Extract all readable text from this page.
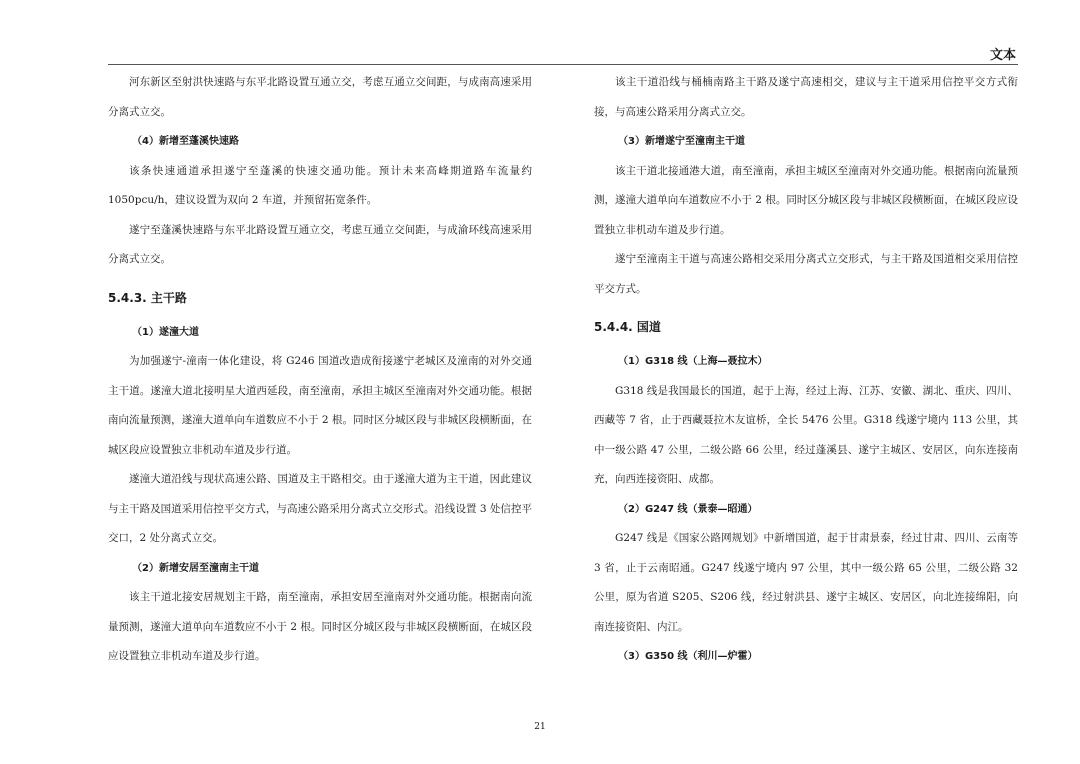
文本

河东新区至射洪快速路与东平北路设置互通立交，考虑互通立交间距，与成南高速采用分离式立交。

（4）新增至蓬溪快速路

该条快速通道承担遂宁至蓬溪的快速交通功能。预计未来高峰期道路车流量约1050pcu/h，建议设置为双向 2 车道，并预留拓宽条件。

遂宁至蓬溪快速路与东平北路设置互通立交，考虑互通立交间距，与成渝环线高速采用分离式立交。

5.4.3. 主干路
（1）遂潼大道

为加强遂宁-潼南一体化建设，将 G246 国道改造成衔接遂宁老城区及潼南的对外交通主干道。遂潼大道北接明星大道西延段，南至潼南，承担主城区至潼南对外交通功能。根据南向流量预测，遂潼大道单向车道数应不小于 2 根。同时区分城区段与非城区段横断面，在城区段应设置独立非机动车道及步行道。

遂潼大道沿线与现状高速公路、国道及主干路相交。由于遂潼大道为主干道，因此建议与主干路及国道采用信控平交方式，与高速公路采用分离式立交形式。沿线设置 3 处信控平交口，2 处分离式立交。

（2）新增安居至潼南主干道

该主干道北接安居规划主干路，南至潼南，承担安居至潼南对外交通功能。根据南向流量预测，遂潼大道单向车道数应不小于 2 根。同时区分城区段与非城区段横断面，在城区段应设置独立非机动车道及步行道。

该主干道沿线与桶楠南路主干路及遂宁高速相交，建议与主干道采用信控平交方式衔接，与高速公路采用分离式立交。

（3）新增遂宁至潼南主干道

该主干道北接通港大道，南至潼南，承担主城区至潼南对外交通功能。根据南向流量预测，遂潼大道单向车道数应不小于 2 根。同时区分城区段与非城区段横断面，在城区段应设置独立非机动车道及步行道。

遂宁至潼南主干道与高速公路相交采用分离式立交形式，与主干路及国道相交采用信控平交方式。

5.4.4. 国道
（1）G318 线（上海—聂拉木）

G318 线是我国最长的国道，起于上海，经过上海、江苏、安徽、湖北、重庆、四川、西藏等 7 省，止于西藏聂拉木友谊桥，全长 5476 公里。G318 线遂宁境内 113 公里，其中一级公路 47 公里，二级公路 66 公里，经过蓬溪县、遂宁主城区、安居区，向东连接南充，向西连接资阳、成都。

（2）G247 线（景泰—昭通）

G247 线是《国家公路网规划》中新增国道，起于甘肃景泰，经过甘肃、四川、云南等 3 省，止于云南昭通。G247 线遂宁境内 97 公里，其中一级公路 65 公里，二级公路 32 公里，原为省道 S205、S206 线，经过射洪县、遂宁主城区、安居区，向北连接绵阳，向南连接资阳、内江。

（3）G350 线（利川—炉霍）
21
